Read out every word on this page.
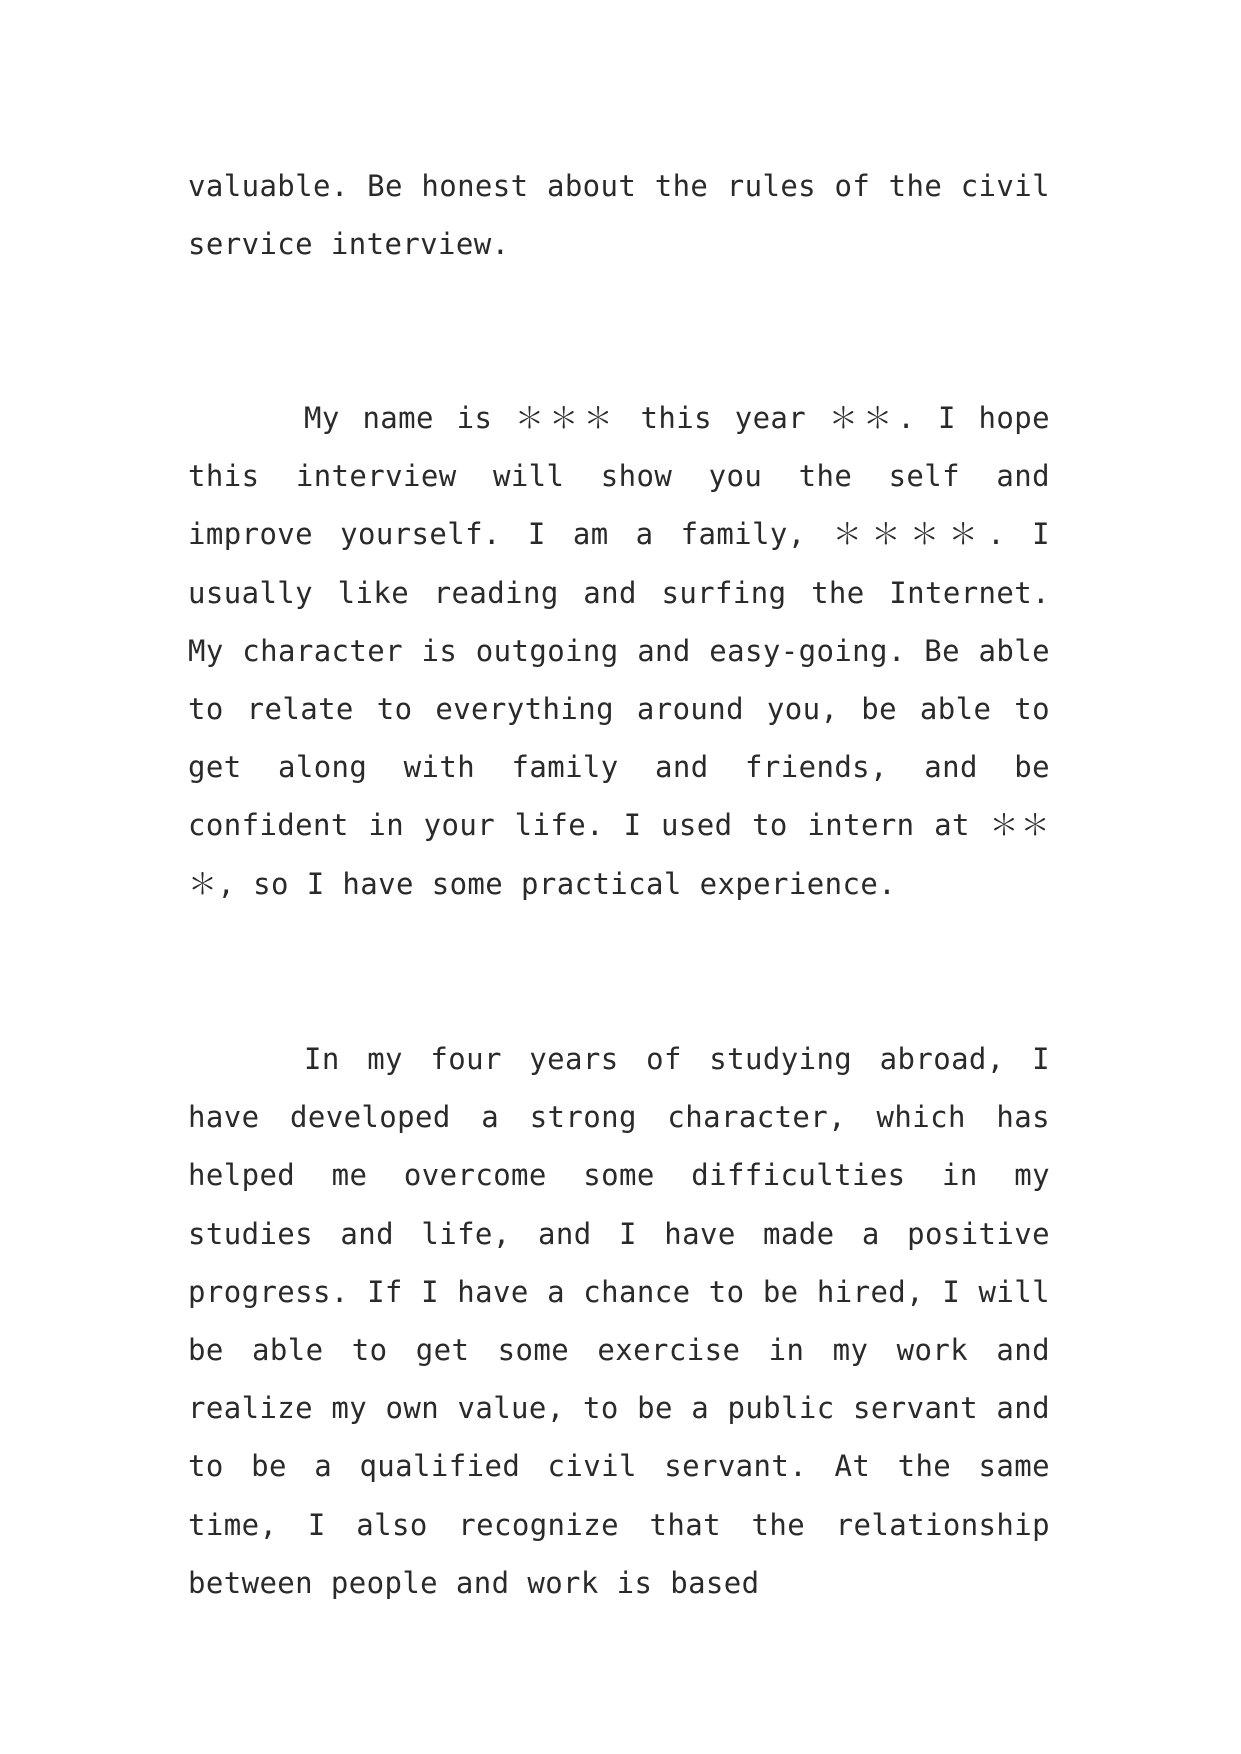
valuable. Be honest about the rules of the civil service interview.
My name is ＊＊＊ this year ＊＊. I hope this interview will show you the self and improve yourself. I am a family, ＊＊＊＊. I usually like reading and surfing the Internet. My character is outgoing and easy-going. Be able to relate to everything around you, be able to get along with family and friends, and be confident in your life. I used to intern at ＊＊＊, so I have some practical experience.
In my four years of studying abroad, I have developed a strong character, which has helped me overcome some difficulties in my studies and life, and I have made a positive progress. If I have a chance to be hired, I will be able to get some exercise in my work and realize my own value, to be a public servant and to be a qualified civil servant. At the same time, I also recognize that the relationship between people and work is based
